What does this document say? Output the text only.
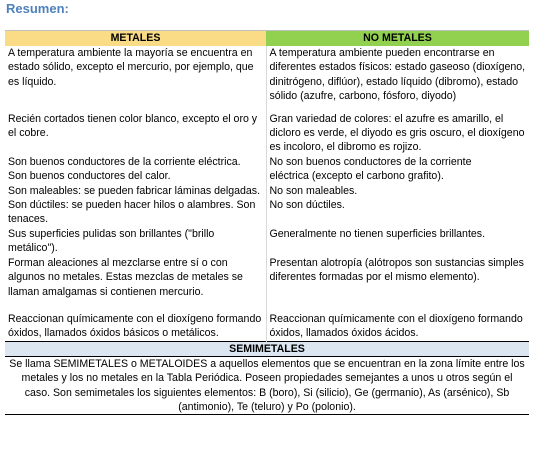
Resumen:
METALES	NO METALES
A temperatura ambiente la mayoría se encuentra en estado sólido, excepto el mercurio, por ejemplo, que es líquido.	A temperatura ambiente pueden encontrarse en diferentes estados físicos: estado gaseoso (dioxígeno, dinitrógeno, diflúor), estado líquido (dibromo), estado sólido (azufre, carbono, fósforo, diyodo)

Recién cortados tienen color blanco, excepto el oro y el cobre.	Gran variedad de colores: el azufre es amarillo, el dicloro es verde, el diyodo es gris oscuro, el dioxígeno es incoloro, el dibromo es rojizo.
Son buenos conductores de la corriente eléctrica.	No son buenos conductores de la corriente
Son buenos conductores del calor.	eléctrica (excepto el carbono grafito).
Son maleables: se pueden fabricar láminas delgadas.	No son maleables.
Son dúctiles: se pueden hacer hilos o alambres. Son tenaces.	No son dúctiles.
Sus superficies pulidas son brillantes ("brillo metálico").	Generalmente no tienen superficies brillantes.
Forman aleaciones al mezclarse entre sí o con algunos no metales. Estas mezclas de metales se llaman amalgamas si contienen mercurio.	Presentan alotropía (alótropos son sustancias simples diferentes formadas por el mismo elemento).

Reaccionan químicamente con el dioxígeno formando óxidos, llamados óxidos básicos o metálicos.	Reaccionan químicamente con el dioxígeno formando óxidos, llamados óxidos ácidos.
SEMIMETALES	
Se llama SEMIMETALES o METALOIDES a aquellos elementos que se encuentran en la zona límite entre los metales y los no metales en la Tabla Periódica. Poseen propiedades semejantes a unos u otros según el caso. Son semimetales los siguientes elementos: B (boro), Si (silicio), Ge (germanio), As (arsénico), Sb (antimonio), Te (teluro) y Po (polonio).	
